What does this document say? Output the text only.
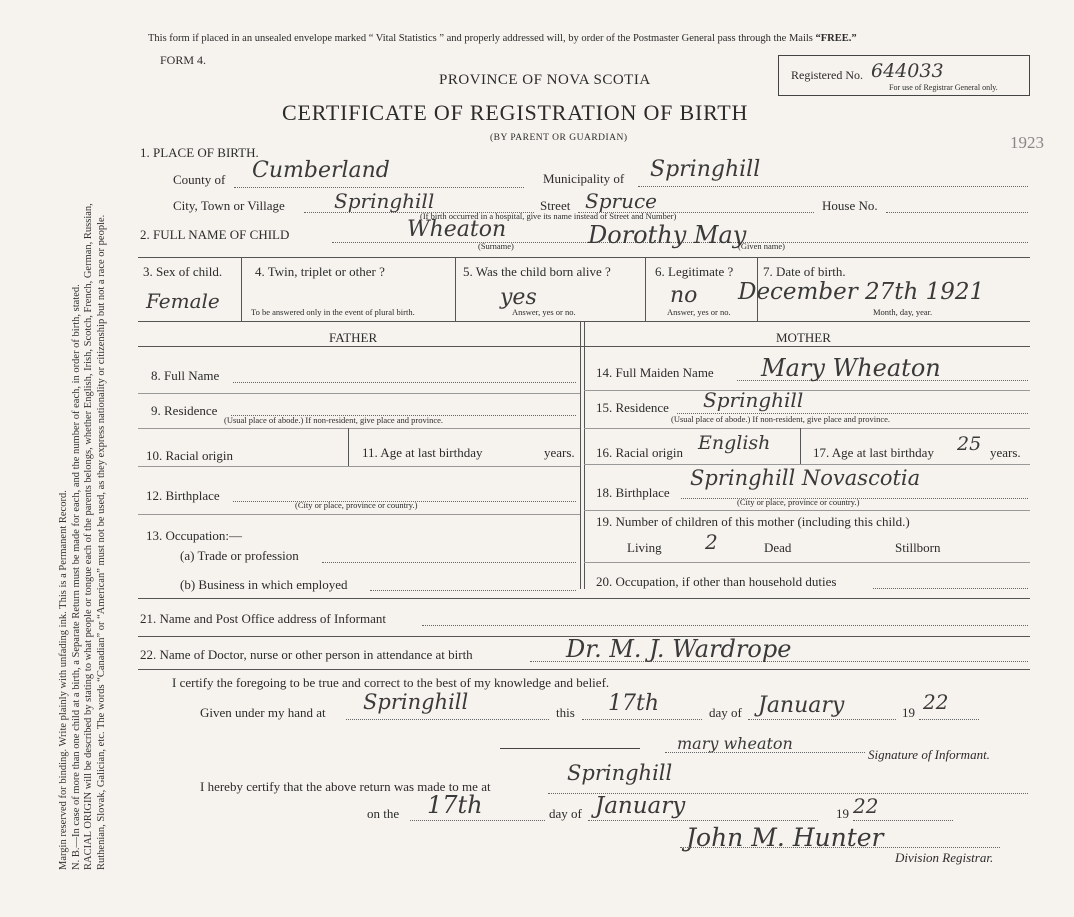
Margin reserved for binding. Write plainly with unfading ink. This is a Permanent Record. N. B.—In case of more than one child at a birth, a Separate Return must be made for each, and the number of each, in order of birth, stated. RACIAL ORIGIN will be described by stating to what people or tongue each of the parents belongs, whether English, Irish, Scotch, French, German, Russian, Ruthenian, Slovak, Galician, etc. The words “Canadian” or “American” must not be used, as they express nationality or citizenship but not a race or people.
This form if placed in an unsealed envelope marked “ Vital Statistics ” and properly addressed will, by order of the Postmaster General pass through the Mails “FREE.”
FORM 4.
PROVINCE OF NOVA SCOTIA
CERTIFICATE OF REGISTRATION OF BIRTH
(BY PARENT OR GUARDIAN)
Registered No. 644033
For use of Registrar General only.
1923
1. PLACE OF BIRTH.
County of Cumberland	Municipality of Springhill
City, Town or Village Springhill	Street Spruce
(If birth occurred in a hospital, give its name instead of Street and Number)
House No.
2. FULL NAME OF CHILD	Wheaton
(Surname)	Dorothy May
(Given name)
3. Sex of child.
Female
4. Twin, triplet or other ?
To be answered only in the event of plural birth.
5. Was the child born alive ?
yes
Answer, yes or no.
6. Legitimate ?
no
Answer, yes or no.
7. Date of birth.
December 27th 1921
Month, day, year.
FATHER	MOTHER
8. Full Name
9. Residence
(Usual place of abode.) If non-resident, give place and province.
10. Racial origin	11. Age at last birthday	years.
12. Birthplace
(City or place, province or country.)
13. Occupation:—
(a) Trade or profession
(b) Business in which employed
14. Full Maiden Name Mary Wheaton
15. Residence Springhill
(Usual place of abode.) If non-resident, give place and province.
16. Racial origin English	17. Age at last birthday 25 years.
18. Birthplace
Springhill Novascotia
(City or place, province or country.)
19. Number of children of this mother (including this child.)
Living 2	Dead	Stillborn
20. Occupation, if other than household duties
21. Name and Post Office address of Informant
22. Name of Doctor, nurse or other person in attendance at birth	Dr. M. J. Wardrope
I certify the foregoing to be true and correct to the best of my knowledge and belief.
Given under my hand at Springhill	this 17th	day of January	19 22
mary wheaton
Signature of Informant.
I hereby certify that the above return was made to me at
Springhill
on the 17th	day of January	19 22
John M. Hunter
Division Registrar.
